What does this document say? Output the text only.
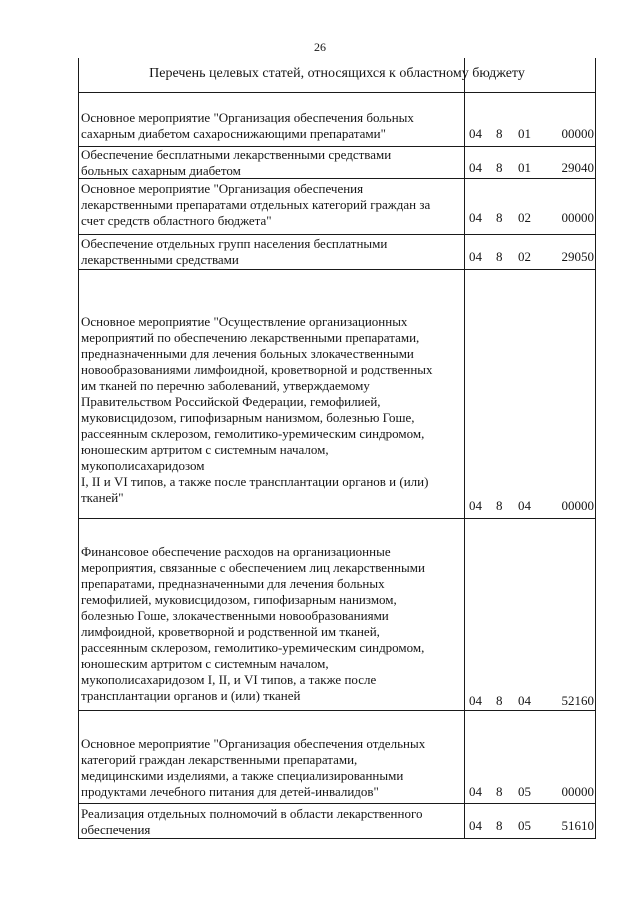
26
Перечень целевых статей, относящихся к областному бюджету
Основное мероприятие "Организация обеспечения больных
сахарным диабетом сахароснижающими препаратами"	04 8 01 00000
Обеспечение бесплатными лекарственными средствами
больных сахарным диабетом	04 8 01 29040
Основное мероприятие "Организация обеспечения
лекарственными препаратами отдельных категорий граждан за
счет средств областного бюджета"	04 8 02 00000
Обеспечение отдельных групп населения бесплатными
лекарственными средствами	04 8 02 29050
Основное мероприятие "Осуществление организационных
мероприятий по обеспечению лекарственными препаратами,
предназначенными для лечения больных злокачественными
новообразованиями лимфоидной, кроветворной и родственных
им тканей по перечню заболеваний, утверждаемому
Правительством Российской Федерации, гемофилией,
муковисцидозом, гипофизарным нанизмом, болезнью Гоше,
рассеянным склерозом, гемолитико-уремическим синдромом,
юношеским артритом с системным началом,
мукополисахаридозом
I, II и VI типов, а также после трансплантации органов и (или)
тканей"
04 8 04 00000
Финансовое обеспечение расходов на организационные
мероприятия, связанные с обеспечением лиц лекарственными
препаратами, предназначенными для лечения больных
гемофилией, муковисцидозом, гипофизарным нанизмом,
болезнью Гоше, злокачественными новообразованиями
лимфоидной, кроветворной и родственной им тканей,
рассеянным склерозом, гемолитико-уремическим синдромом,
юношеским артритом с системным началом,
мукополисахаридозом I, II, и VI типов, а также после
трансплантации органов и (или) тканей	04 8 04 52160
Основное мероприятие "Организация обеспечения отдельных
категорий граждан лекарственными препаратами,
медицинскими изделиями, а также специализированными
продуктами лечебного питания для детей-инвалидов"	04 8 05 00000
Реализация отдельных полномочий в области лекарственного
обеспечения	04 8 05 51610
